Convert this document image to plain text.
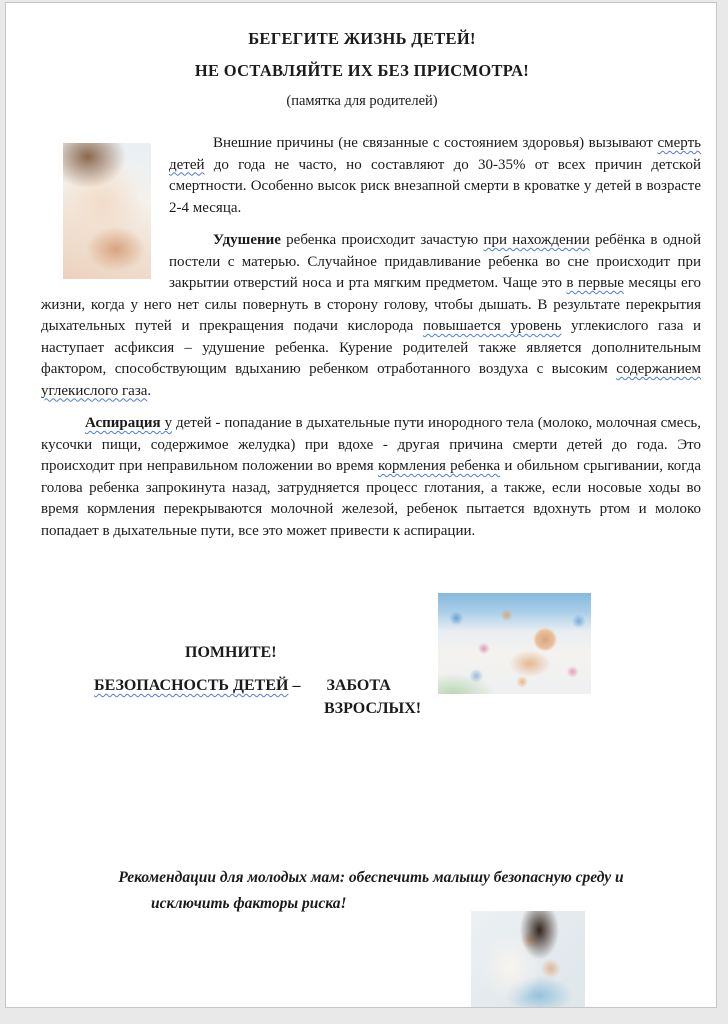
БЕГЕГИТЕ ЖИЗНЬ ДЕТЕЙ!
НЕ ОСТАВЛЯЙТЕ ИХ БЕЗ ПРИСМОТРА!
(памятка для родителей)

Внешние причины (не связанные с состоянием здоровья) вызывают смерть детей до года не часто, но составляют до 30-35% от всех причин детской смертности. Особенно высок риск внезапной смерти в кроватке у детей в возрасте 2-4 месяца.

Удушение ребенка происходит зачастую при нахождении ребёнка в одной постели с матерью. Случайное придавливание ребенка во сне происходит при закрытии отверстий носа и рта мягким предметом. Чаще это в первые месяцы его жизни, когда у него нет силы повернуть в сторону голову, чтобы дышать. В результате перекрытия дыхательных путей и прекращения подачи кислорода повышается уровень углекислого газа и наступает асфиксия – удушение ребенка. Курение родителей также является дополнительным фактором, способствующим вдыханию ребенком отработанного воздуха с высоким содержанием углекислого газа.

Аспирация у детей - попадание в дыхательные пути инородного тела (молоко, молочная смесь, кусочки пищи, содержимое желудка) при вдохе - другая причина смерти детей до года. Это происходит при неправильном положении во время кормления ребенка и обильном срыгивании, когда голова ребенка запрокинута назад, затрудняется процесс глотания, а также, если носовые ходы во время кормления перекрываются молочной железой, ребенок пытается вдохнуть ртом и молоко попадает в дыхательные пути, все это может привести к аспирации.

ПОМНИТЕ!
БЕЗОПАСНОСТЬ ДЕТЕЙ – ЗАБОТА
ВЗРОСЛЫХ!
Рекомендации для молодых мам: обеспечить малышу безопасную среду и
исключить факторы риска!
